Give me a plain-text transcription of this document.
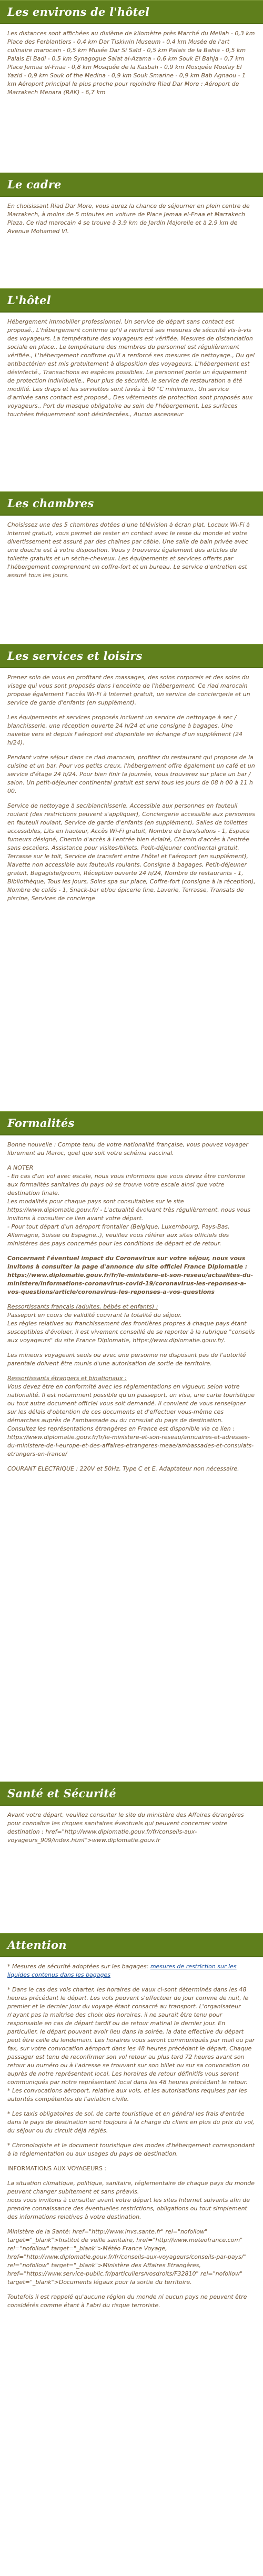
Les environs de l'hôtel

Les distances sont affichées au dixième de kilomètre près Marché du Mellah - 0,3 km Place des Ferblantiers - 0,4 km Dar Tiskiwin Museum - 0,4 km Musée de l'art culinaire marocain - 0,5 km Musée Dar Si Saïd - 0,5 km Palais de la Bahia - 0,5 km Palais El Badi - 0,5 km Synagogue Salat al-Azama - 0,6 km Souk El Bahja - 0,7 km Place Jemaa el-Fnaa - 0,8 km Mosquée de la Kasbah - 0,9 km Mosquée Moulay El Yazid - 0,9 km Souk of the Medina - 0,9 km Souk Smarine - 0,9 km Bab Agnaou - 1 km Aéroport principal le plus proche pour rejoindre Riad Dar More : Aéroport de Marrakech Menara (RAK) - 6,7 km

Le cadre

En choisissant Riad Dar More, vous aurez la chance de séjourner en plein centre de Marrakech, à moins de 5 minutes en voiture de Place Jemaa el-Fnaa et Marrakech Plaza. Ce riad marocain 4 se trouve à 3,9 km de Jardin Majorelle et à 2,9 km de Avenue Mohamed VI.

L'hôtel

Hébergement immobilier professionnel. Un service de départ sans contact est proposé., L'hébergement confirme qu'il a renforcé ses mesures de sécurité vis-à-vis des voyageurs. La température des voyageurs est vérifiée. Mesures de distanciation sociale en place., Le température des membres du personnel est régulièrement vérifiée., L'hébergement confirme qu'il a renforcé ses mesures de nettoyage., Du gel antibactérien est mis gratuitement à disposition des voyageurs. L'hébergement est désinfecté., Transactions en espèces possibles. Le personnel porte un équipement de protection individuelle., Pour plus de sécurité, le service de restauration a été modifié. Les draps et les serviettes sont lavés à 60 °C minimum., Un service d'arrivée sans contact est proposé., Des vêtements de protection sont proposés aux voyageurs., Port du masque obligatoire au sein de l'hébergement. Les surfaces touchées fréquemment sont désinfectées., Aucun ascenseur

Les chambres

Choisissez une des 5 chambres dotées d'une télévision à écran plat. Locaux Wi-Fi à internet gratuit, vous permet de rester en contact avec le reste du monde et votre divertissement est assuré par des chaînes par câble. Une salle de bain privée avec une douche est à votre disposition. Vous y trouverez également des articles de toilette gratuits et un sèche-cheveux. Les équipements et services offerts par l'hébergement comprennent un coffre-fort et un bureau. Le service d'entretien est assuré tous les jours.

Les services et loisirs

Prenez soin de vous en profitant des massages, des soins corporels et des soins du visage qui vous sont proposés dans l'enceinte de l'hébergement. Ce riad marocain propose également l'accès Wi-Fi à Internet gratuit, un service de conciergerie et un service de garde d'enfants (en supplément).

Les équipements et services proposés incluent un service de nettoyage à sec / blanchisserie, une réception ouverte 24 h/24 et une consigne à bagages. Une navette vers et depuis l'aéroport est disponible en échange d'un supplément (24 h/24).

Pendant votre séjour dans ce riad marocain, profitez du restaurant qui propose de la cuisine et un bar. Pour vos petits creux, l'hébergement offre également un café et un service d'étage 24 h/24. Pour bien finir la journée, vous trouverez sur place un bar / salon. Un petit-déjeuner continental gratuit est servi tous les jours de 08 h 00 à 11 h 00.

Service de nettoyage à sec/blanchisserie, Accessible aux personnes en fauteuil roulant (des restrictions peuvent s'appliquer), Conciergerie accessible aux personnes en fauteuil roulant, Service de garde d'enfants (en supplément), Salles de toilettes accessibles, Lits en hauteur, Accès Wi-Fi gratuit, Nombre de bars/salons - 1, Espace fumeurs désigné, Chemin d'accès à l'entrée bien éclairé, Chemin d'accès à l'entrée sans escaliers, Assistance pour visites/billets, Petit-déjeuner continental gratuit, Terrasse sur le toit, Service de transfert entre l'hôtel et l'aéroport (en supplément), Navette non accessible aux fauteuils roulants, Consigne à bagages, Petit-déjeuner gratuit, Bagagiste/groom, Réception ouverte 24 h/24, Nombre de restaurants - 1, Bibliothèque, Tous les jours, Soins spa sur place, Coffre-fort (consigne à la réception), Nombre de cafés - 1, Snack-bar et/ou épicerie fine, Laverie, Terrasse, Transats de piscine, Services de concierge

Formalités

Bonne nouvelle : Compte tenu de votre nationalité française, vous pouvez voyager librement au Maroc, quel que soit votre schéma vaccinal.

A NOTER

- En cas d'un vol avec escale, nous vous informons que vous devez être conforme aux formalités sanitaires du pays où se trouve votre escale ainsi que votre destination finale.
Les modalités pour chaque pays sont consultables sur le site https://www.diplomatie.gouv.fr/ - L'actualité évoluant très régulièrement, nous vous invitons à consulter ce lien avant votre départ.
- Pour tout départ d'un aéroport frontalier (Belgique, Luxembourg, Pays-Bas, Allemagne, Suisse ou Espagne..), veuillez vous référer aux sites officiels des ministères des pays concernés pour les conditions de départ et de retour.

Concernant l'éventuel impact du Coronavirus sur votre séjour, nous vous invitons à consulter la page d'annonce du site officiel France Diplomatie : https://www.diplomatie.gouv.fr/fr/le-ministere-et-son-reseau/actualites-du-ministere/informations-coronavirus-covid-19/coronavirus-les-reponses-a-vos-questions/article/coronavirus-les-reponses-a-vos-questions

Ressortissants français (adultes, bébés et enfants) :

Passeport en cours de validité couvrant la totalité du séjour.
Les règles relatives au franchissement des frontières propres à chaque pays étant susceptibles d'évoluer, il est vivement conseillé de se reporter à la rubrique "conseils aux voyageurs" du site France Diplomatie, https://www.diplomatie.gouv.fr/.

Les mineurs voyageant seuls ou avec une personne ne disposant pas de l'autorité parentale doivent être munis d'une autorisation de sortie de territoire.

Ressortissants étrangers et binationaux :

Vous devez être en conformité avec les réglementations en vigueur, selon votre nationalité. Il est notamment possible qu'un passeport, un visa, une carte touristique ou tout autre document officiel vous soit demandé. Il convient de vous renseigner sur les délais d'obtention de ces documents et d'effectuer vous-même ces démarches auprès de l'ambassade ou du consulat du pays de destination.
Consultez les représentations étrangères en France est disponible via ce lien : https://www.diplomatie.gouv.fr/fr/le-ministere-et-son-reseau/annuaires-et-adresses-du-ministere-de-l-europe-et-des-affaires-etrangeres-meae/ambassades-et-consulats-etrangers-en-france/

COURANT ELECTRIQUE : 220V et 50Hz. Type C et E. Adaptateur non nécessaire.

Santé et Sécurité

Avant votre départ, veuillez consulter le site du ministère des Affaires étrangères pour connaître les risques sanitaires éventuels qui peuvent concerner votre destination : href="http://www.diplomatie.gouv.fr/fr/conseils-aux-voyageurs_909/index.html">www.diplomatie.gouv.fr

Attention

* Mesures de sécurité adoptées sur les bagages: mesures de restriction sur les liquides contenus dans les bagages

* Dans le cas des vols charter, les horaires de vaux ci-sont déterminés dans les 48 heures précédant le départ. Les vols peuvent s'effectuer de jour comme de nuit, le premier et le dernier jour du voyage étant consacré au transport. L'organisateur n'ayant pas la maîtrise des choix des horaires, il ne saurait être tenu pour responsable en cas de départ tardif ou de retour matinal le dernier jour. En particulier, le départ pouvant avoir lieu dans la soirée, la date effective du départ peut être celle du lendemain. Les horaires vous seront communiqués par mail ou par fax, sur votre convocation aéroport dans les 48 heures précédant le départ. Chaque passager est tenu de reconfirmer son vol retour au plus tard 72 heures avant son retour au numéro ou à l'adresse se trouvant sur son billet ou sur sa convocation ou auprès de notre représentant local. Les horaires de retour définitifs vous seront communiqués par notre représentant local dans les 48 heures précédant le retour.
* Les convocations aéroport, relative aux vols, et les autorisations requises par les autorités compétentes de l'aviation civile.

* Les taxis obligatoires de sol, de carte touristique et en général les frais d'entrée dans le pays de destination sont toujours à la charge du client en plus du prix du vol, du séjour ou du circuit déjà réglés.

* Chronologiste et le document touristique des modes d'hébergement correspondant à la réglementation ou aux usages du pays de destination.

INFORMATIONS AUX VOYAGEURS :

La situation climatique, politique, sanitaire, réglementaire de chaque pays du monde peuvent changer subitement et sans préavis.
nous vous invitons à consulter avant votre départ les sites Internet suivants afin de prendre connaissance des éventuelles restrictions, obligations ou tout simplement des informations relatives à votre destination.

Ministère de la Santé: href="http://www.invs.sante.fr" rel="nofollow" target="_blank">Institut de veille sanitaire, href="http://www.meteofrance.com" rel="nofollow" target="_blank">Météo France Voyage, href="http://www.diplomatie.gouv.fr/fr/conseils-aux-voyageurs/conseils-par-pays/" rel="nofollow" target="_blank">Ministère des Affaires Etrangères, href="https://www.service-public.fr/particuliers/vosdroits/F32810" rel="nofollow" target="_blank">Documents légaux pour la sortie du territoire.

Toutefois il est rappelé qu'aucune région du monde ni aucun pays ne peuvent être considérés comme étant à l'abri du risque terroriste.
